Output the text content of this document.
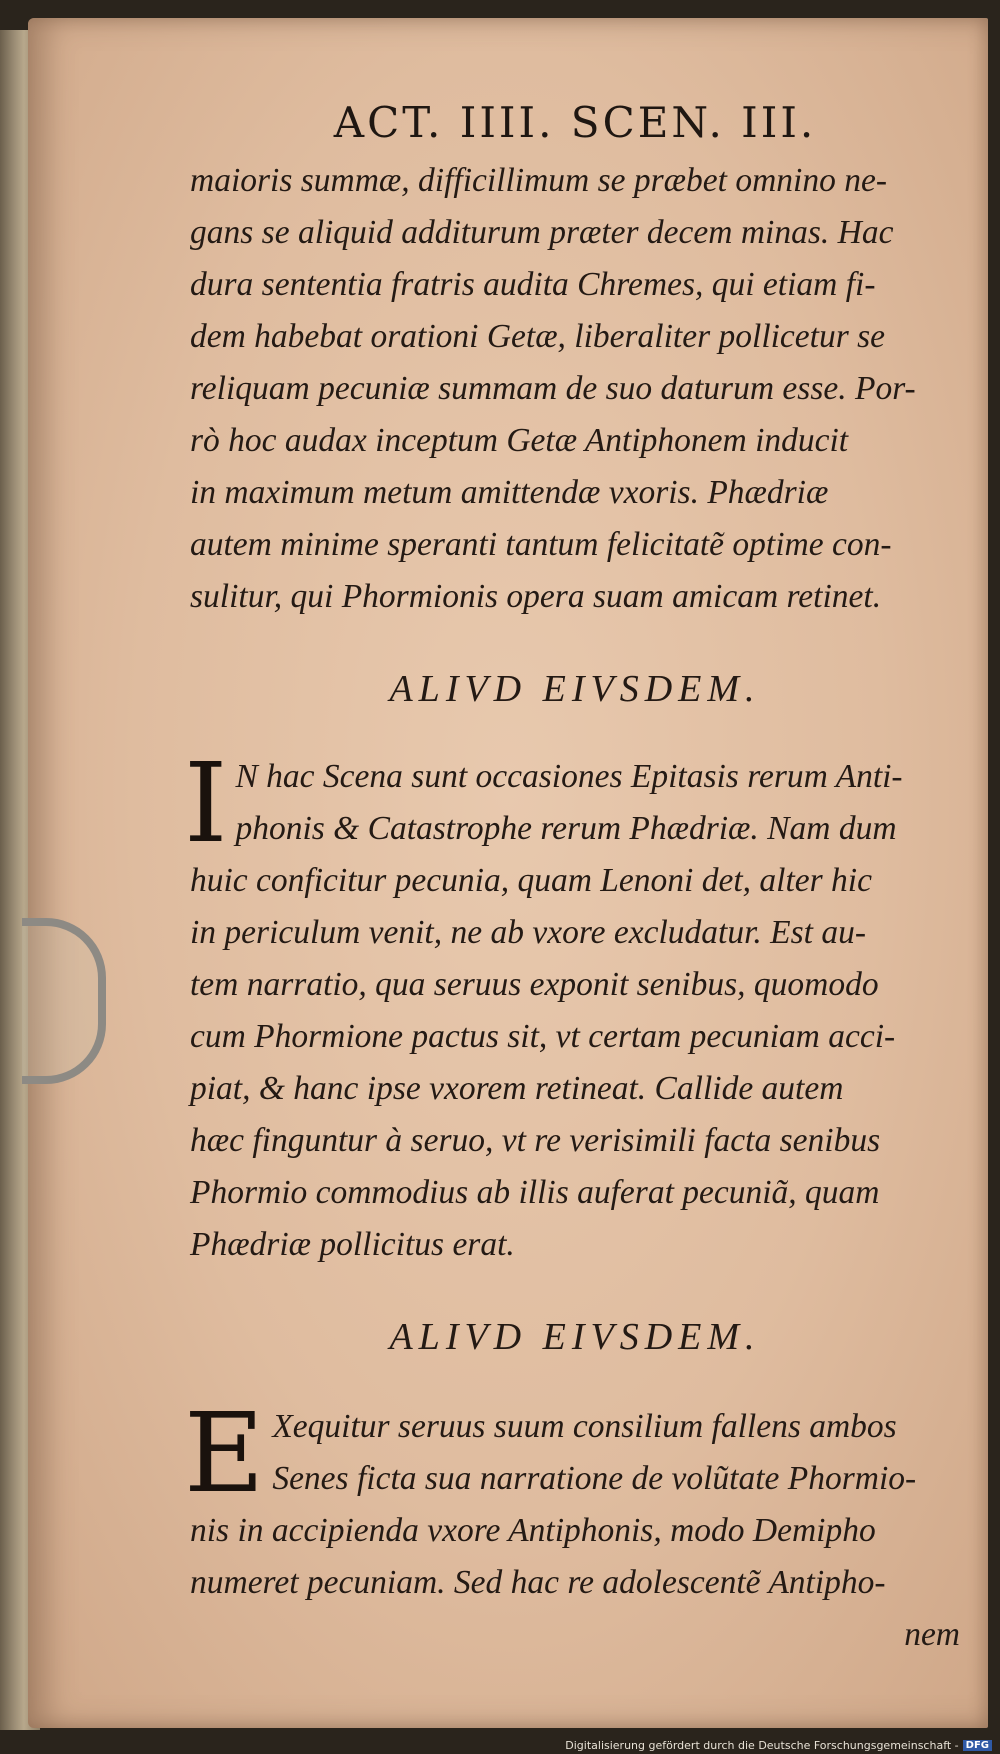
ACT. IIII. SCEN. III.

maioris summæ, difficillimum se præbet omnino ne-
gans se aliquid additurum præter decem minas. Hac
dura sententia fratris audita Chremes, qui etiam fi-
dem habebat orationi Getæ, liberaliter pollicetur se
reliquam pecuniæ summam de suo daturum esse. Por-
rò hoc audax inceptum Getæ Antiphonem inducit
in maximum metum amittendæ vxoris. Phædriæ
autem minime speranti tantum felicitatẽ optime con-
sulitur, qui Phormionis opera suam amicam retinet.

ALIVD EIVSDEM.

I N hac Scena sunt occasiones Epitasis rerum Anti-
phonis & Catastrophe rerum Phædriæ. Nam dum
huic conficitur pecunia, quam Lenoni det, alter hic
in periculum venit, ne ab vxore excludatur. Est au-
tem narratio, qua seruus exponit senibus, quomodo
cum Phormione pactus sit, vt certam pecuniam acci-
piat, & hanc ipse vxorem retineat. Callide autem
hæc finguntur à seruo, vt re verisimili facta senibus
Phormio commodius ab illis auferat pecuniã, quam
Phædriæ pollicitus erat.

ALIVD EIVSDEM.

E Xequitur seruus suum consilium fallens ambos
Senes ficta sua narratione de volũtate Phormio-
nis in accipienda vxore Antiphonis, modo Demipho
numeret pecuniam. Sed hac re adolescentẽ Antipho-
nem

Digitalisierung gefördert durch die Deutsche Forschungsgemeinschaft - DFG
